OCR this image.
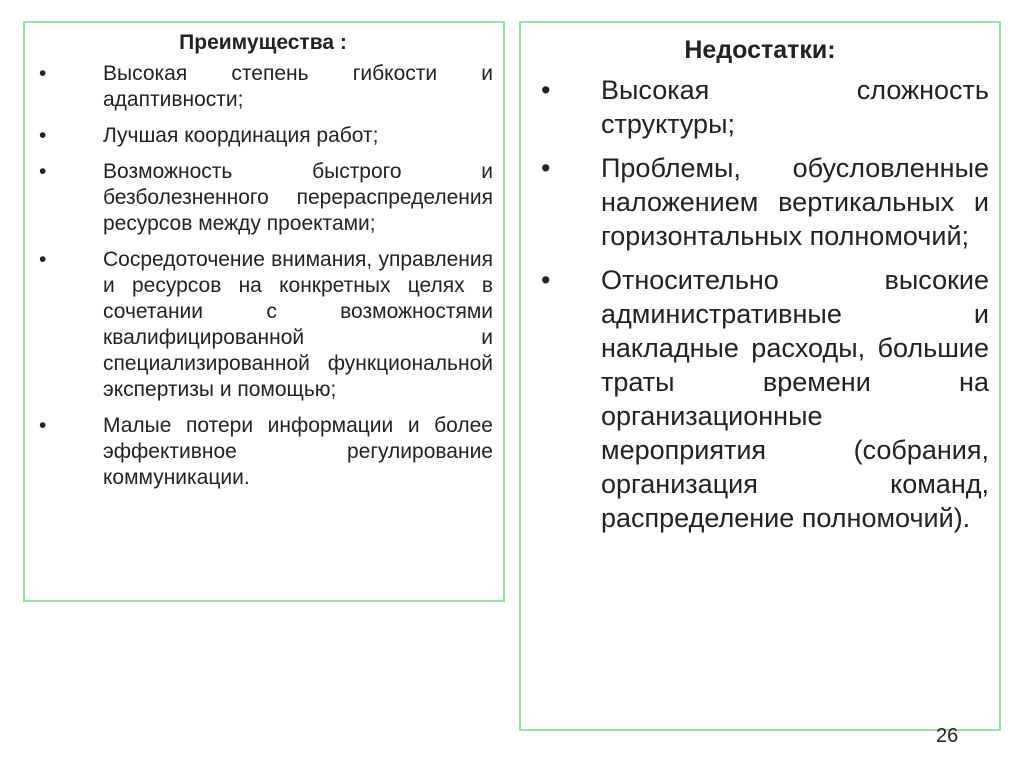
Преимущества :

•	Высокая степень гибкости и адаптивности;
•	Лучшая координация работ;
•	Возможность быстрого и безболезненного перераспределения ресурсов между проектами;
•	Сосредоточение внимания, управления и ресурсов на конкретных целях в сочетании с возможностями квалифицированной и специализированной функциональной экспертизы и помощью;
•	Малые потери информации и более эффективное регулирование коммуникации.

Недостатки:

• Высокая сложность структуры;
• Проблемы, обусловленные наложением вертикальных и горизонтальных полномочий;
• Относительно высокие административные и накладные расходы, большие траты времени на организационные мероприятия (собрания, организация команд, распределение полномочий).
26
